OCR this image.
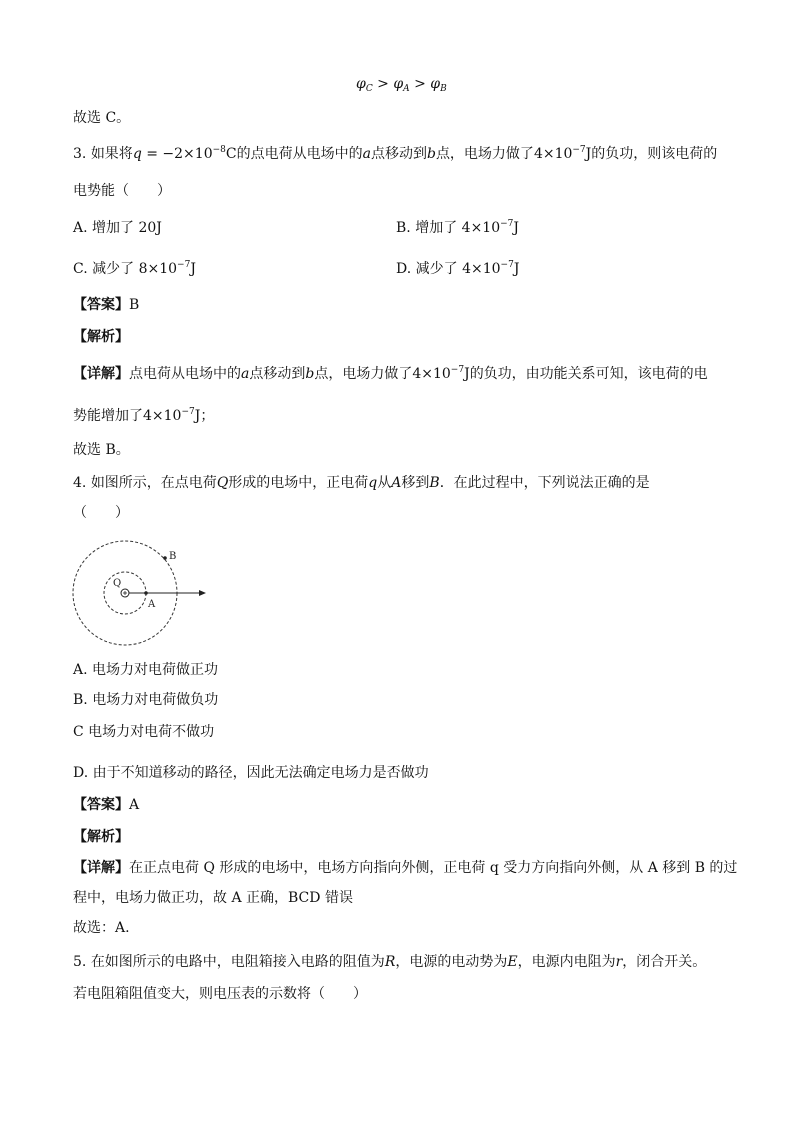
$\varphi_C > \varphi_A > \varphi_B$
故选 C。
3. 如果将$q = -2\times 10^{-8}C$的点电荷从电场中的a点移动到b点，电场力做了$4\times 10^{-7}J$的负功，则该电荷的
电势能（　　）
A. 增加了 20J	B. 增加了 $4\times 10^{-7}J$
C. 减少了 $8\times 10^{-7}J$	D. 减少了 $4\times 10^{-7}J$
【答案】B
【解析】
【详解】点电荷从电场中的a点移动到b点，电场力做了$4\times 10^{-7}J$的负功，由功能关系可知，该电荷的电
势能增加了$4\times 10^{-7}J$；
故选 B。
4. 如图所示，在点电荷Q形成的电场中，正电荷q从A移到B．在此过程中，下列说法正确的是
（　　）
Q
A
B
A. 电场力对电荷做正功
B. 电场力对电荷做负功
C 电场力对电荷不做功
D. 由于不知道移动的路径，因此无法确定电场力是否做功
【答案】A
【解析】
【详解】在正点电荷 Q 形成的电场中，电场方向指向外侧，正电荷 q 受力方向指向外侧，从 A 移到 B 的过
程中，电场力做正功，故 A 正确，BCD 错误
故选：A.
5. 在如图所示的电路中，电阻箱接入电路的阻值为R，电源的电动势为E，电源内电阻为r，闭合开关。
若电阻箱阻值变大，则电压表的示数将（　　）
